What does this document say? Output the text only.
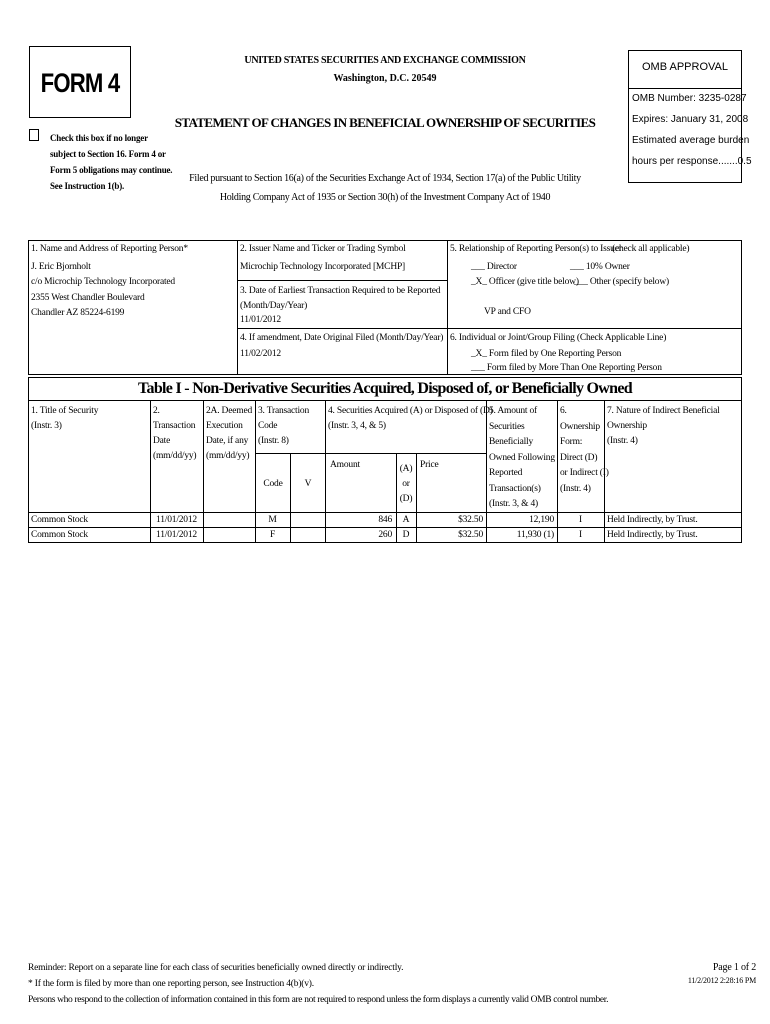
FORM 4
Check this box if no longer
subject to Section 16. Form 4 or
Form 5 obligations may continue.
See Instruction 1(b).
UNITED STATES SECURITIES AND EXCHANGE COMMISSION
Washington, D.C. 20549
STATEMENT OF CHANGES IN BENEFICIAL OWNERSHIP OF SECURITIES
Filed pursuant to Section 16(a) of the Securities Exchange Act of 1934, Section 17(a) of the Public Utility
Holding Company Act of 1935 or Section 30(h) of the Investment Company Act of 1940
OMB APPROVAL
OMB Number: 3235-0287
Expires: January 31, 2008
Estimated average burden
hours per response.......0.5
1. Name and Address of Reporting Person*
J. Eric Bjornholt
c/o Microchip Technology Incorporated
2355 West Chandler Boulevard
Chandler AZ 85224-6199
2. Issuer Name and Ticker or Trading Symbol
Microchip Technology Incorporated [MCHP]
3. Date of Earliest Transaction Required to be Reported
(Month/Day/Year)
11/01/2012
4. If amendment, Date Original Filed (Month/Day/Year)
11/02/2012
5. Relationship of Reporting Person(s) to Issuer
(check all applicable)
___ Director	___ 10% Owner
_X_ Officer (give title below)
___ Other (specify below)
VP and CFO
6. Individual or Joint/Group Filing (Check Applicable Line)
_X_ Form filed by One Reporting Person
___ Form filed by More Than One Reporting Person
Table I - Non-Derivative Securities Acquired, Disposed of, or Beneficially Owned
1. Title of Security
(Instr. 3)
2.
Transaction
Date
(mm/dd/yy)
2A. Deemed
Execution
Date, if any
(mm/dd/yy)
3. Transaction
Code
(Instr. 8)
Code	V
4. Securities Acquired (A) or Disposed of (D)
(Instr. 3, 4, & 5)
Amount	(A)
or
(D)
Price
5. Amount of
Securities
Beneficially
Owned Following
Reported
Transaction(s)
(Instr. 3, & 4)
6.
Ownership
Form:
Direct (D)
or Indirect (I)
(Instr. 4)
7. Nature of Indirect Beneficial
Ownership
(Instr. 4)
Common Stock	11/01/2012	M	846	A	$32.50	12,190	I	Held Indirectly, by Trust.
Common Stock	11/01/2012	F	260	D	$32.50	11,930 (1)	I	Held Indirectly, by Trust.
Reminder: Report on a separate line for each class of securities beneficially owned directly or indirectly.
* If the form is filed by more than one reporting person, see Instruction 4(b)(v).
Persons who respond to the collection of information contained in this form are not required to respond unless the form displays a currently valid OMB control number.
Page 1 of 2
11/2/2012 2:28:16 PM
